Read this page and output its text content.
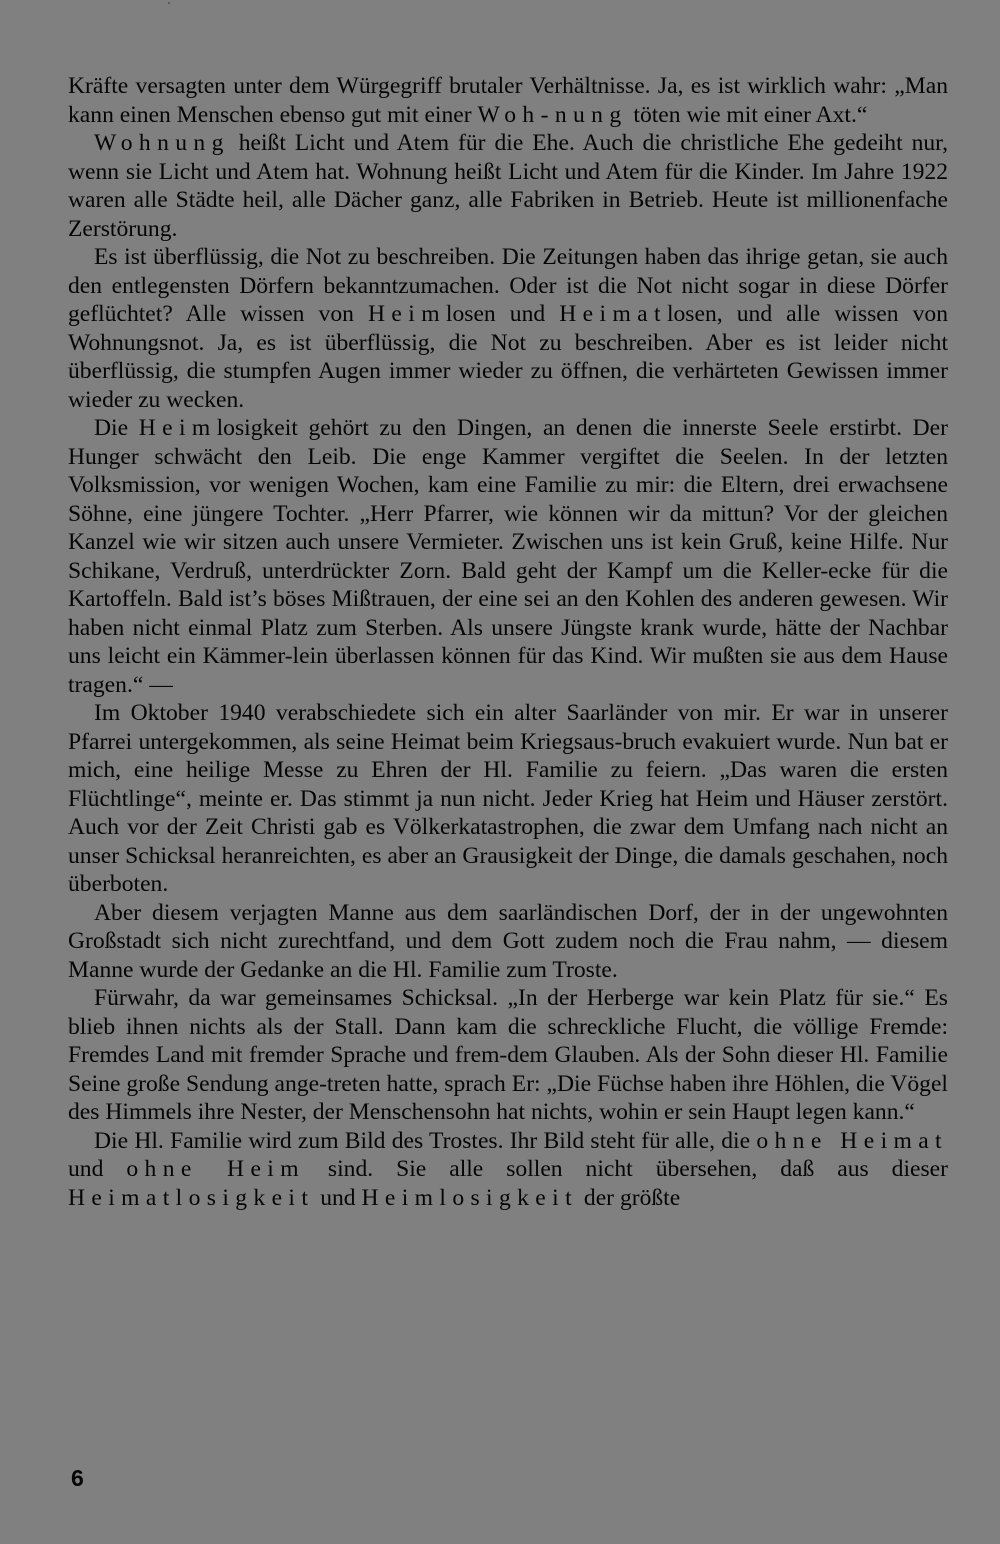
Kräfte versagten unter dem Würgegriff brutaler Verhältnisse. Ja, es ist wirklich wahr: „Man kann einen Menschen ebenso gut mit einer Woh-nung töten wie mit einer Axt.“

Wohnung heißt Licht und Atem für die Ehe. Auch die christliche Ehe gedeiht nur, wenn sie Licht und Atem hat. Wohnung heißt Licht und Atem für die Kinder. Im Jahre 1922 waren alle Städte heil, alle Dächer ganz, alle Fabriken in Betrieb. Heute ist millionenfache Zerstörung.

Es ist überflüssig, die Not zu beschreiben. Die Zeitungen haben das ihrige getan, sie auch den entlegensten Dörfern bekanntzumachen. Oder ist die Not nicht sogar in diese Dörfer geflüchtet? Alle wissen von Heimlosen und Heimatlosen, und alle wissen von Wohnungsnot. Ja, es ist überflüssig, die Not zu beschreiben. Aber es ist leider nicht überflüssig, die stumpfen Augen immer wieder zu öffnen, die verhärteten Gewissen immer wieder zu wecken.

Die Heimlosigkeit gehört zu den Dingen, an denen die innerste Seele erstirbt. Der Hunger schwächt den Leib. Die enge Kammer vergiftet die Seelen. In der letzten Volksmission, vor wenigen Wochen, kam eine Familie zu mir: die Eltern, drei erwachsene Söhne, eine jüngere Tochter. „Herr Pfarrer, wie können wir da mittun? Vor der gleichen Kanzel wie wir sitzen auch unsere Vermieter. Zwischen uns ist kein Gruß, keine Hilfe. Nur Schikane, Verdruß, unterdrückter Zorn. Bald geht der Kampf um die Keller-ecke für die Kartoffeln. Bald ist’s böses Mißtrauen, der eine sei an den Kohlen des anderen gewesen. Wir haben nicht einmal Platz zum Sterben. Als unsere Jüngste krank wurde, hätte der Nachbar uns leicht ein Kämmer-lein überlassen können für das Kind. Wir mußten sie aus dem Hause tragen.“ —

Im Oktober 1940 verabschiedete sich ein alter Saarländer von mir. Er war in unserer Pfarrei untergekommen, als seine Heimat beim Kriegsaus-bruch evakuiert wurde. Nun bat er mich, eine heilige Messe zu Ehren der Hl. Familie zu feiern. „Das waren die ersten Flüchtlinge“, meinte er. Das stimmt ja nun nicht. Jeder Krieg hat Heim und Häuser zerstört. Auch vor der Zeit Christi gab es Völkerkatastrophen, die zwar dem Umfang nach nicht an unser Schicksal heranreichten, es aber an Grausigkeit der Dinge, die damals geschahen, noch überboten.

Aber diesem verjagten Manne aus dem saarländischen Dorf, der in der ungewohnten Großstadt sich nicht zurechtfand, und dem Gott zudem noch die Frau nahm, — diesem Manne wurde der Gedanke an die Hl. Familie zum Troste.

Fürwahr, da war gemeinsames Schicksal. „In der Herberge war kein Platz für sie.“ Es blieb ihnen nichts als der Stall. Dann kam die schreckliche Flucht, die völlige Fremde: Fremdes Land mit fremder Sprache und frem-dem Glauben. Als der Sohn dieser Hl. Familie Seine große Sendung ange-treten hatte, sprach Er: „Die Füchse haben ihre Höhlen, die Vögel des Himmels ihre Nester, der Menschensohn hat nichts, wohin er sein Haupt legen kann.“

Die Hl. Familie wird zum Bild des Trostes. Ihr Bild steht für alle, die ohne Heimat und ohne Heim sind. Sie alle sollen nicht übersehen, daß aus dieser Heimatlosigkeit und Heimlosigkeit der größte

6
